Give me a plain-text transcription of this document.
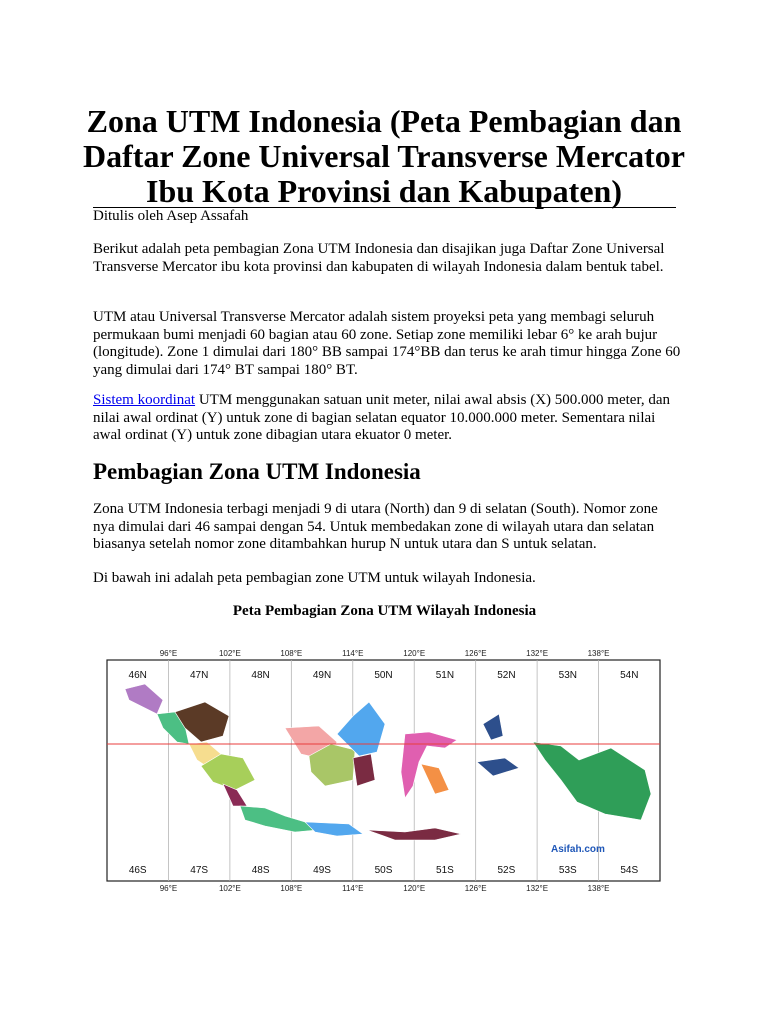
Zona UTM Indonesia (Peta Pembagian dan Daftar Zone Universal Transverse Mercator Ibu Kota Provinsi dan Kabupaten)
Ditulis oleh Asep Assafah

Berikut adalah peta pembagian Zona UTM Indonesia dan disajikan juga Daftar Zone Universal Transverse Mercator ibu kota provinsi dan kabupaten di wilayah Indonesia dalam bentuk tabel.

UTM atau Universal Transverse Mercator adalah sistem proyeksi peta yang membagi seluruh permukaan bumi menjadi 60 bagian atau 60 zone. Setiap zone memiliki lebar 6° ke arah bujur (longitude). Zone 1 dimulai dari 180° BB sampai 174°BB dan terus ke arah timur hingga Zone 60 yang dimulai dari 174° BT sampai 180° BT.

Sistem koordinat UTM menggunakan satuan unit meter, nilai awal absis (X) 500.000 meter, dan nilai awal ordinat (Y) untuk zone di bagian selatan equator 10.000.000 meter. Sementara nilai awal ordinat (Y) untuk zone dibagian utara ekuator 0 meter.

Pembagian Zona UTM Indonesia

Zona UTM Indonesia terbagi menjadi 9 di utara (North) dan 9 di selatan (South). Nomor zone nya dimulai dari 46 sampai dengan 54. Untuk membedakan zone di wilayah utara dan selatan biasanya setelah nomor zone ditambahkan hurup N untuk utara dan S untuk selatan.

Di bawah ini adalah peta pembagian zone UTM untuk wilayah Indonesia.

Peta Pembagian Zona UTM Wilayah Indonesia
96°E	102°E	108°E	114°E	120°E	126°E	132°E	138°E
96°E	102°E	108°E	114°E	120°E	126°E	132°E	138°E
46N	47N	48N	49N	50N	51N	52N	53N	54N
46S	47S	48S	49S	50S	51S	52S	53S	54S
Asifah.com
